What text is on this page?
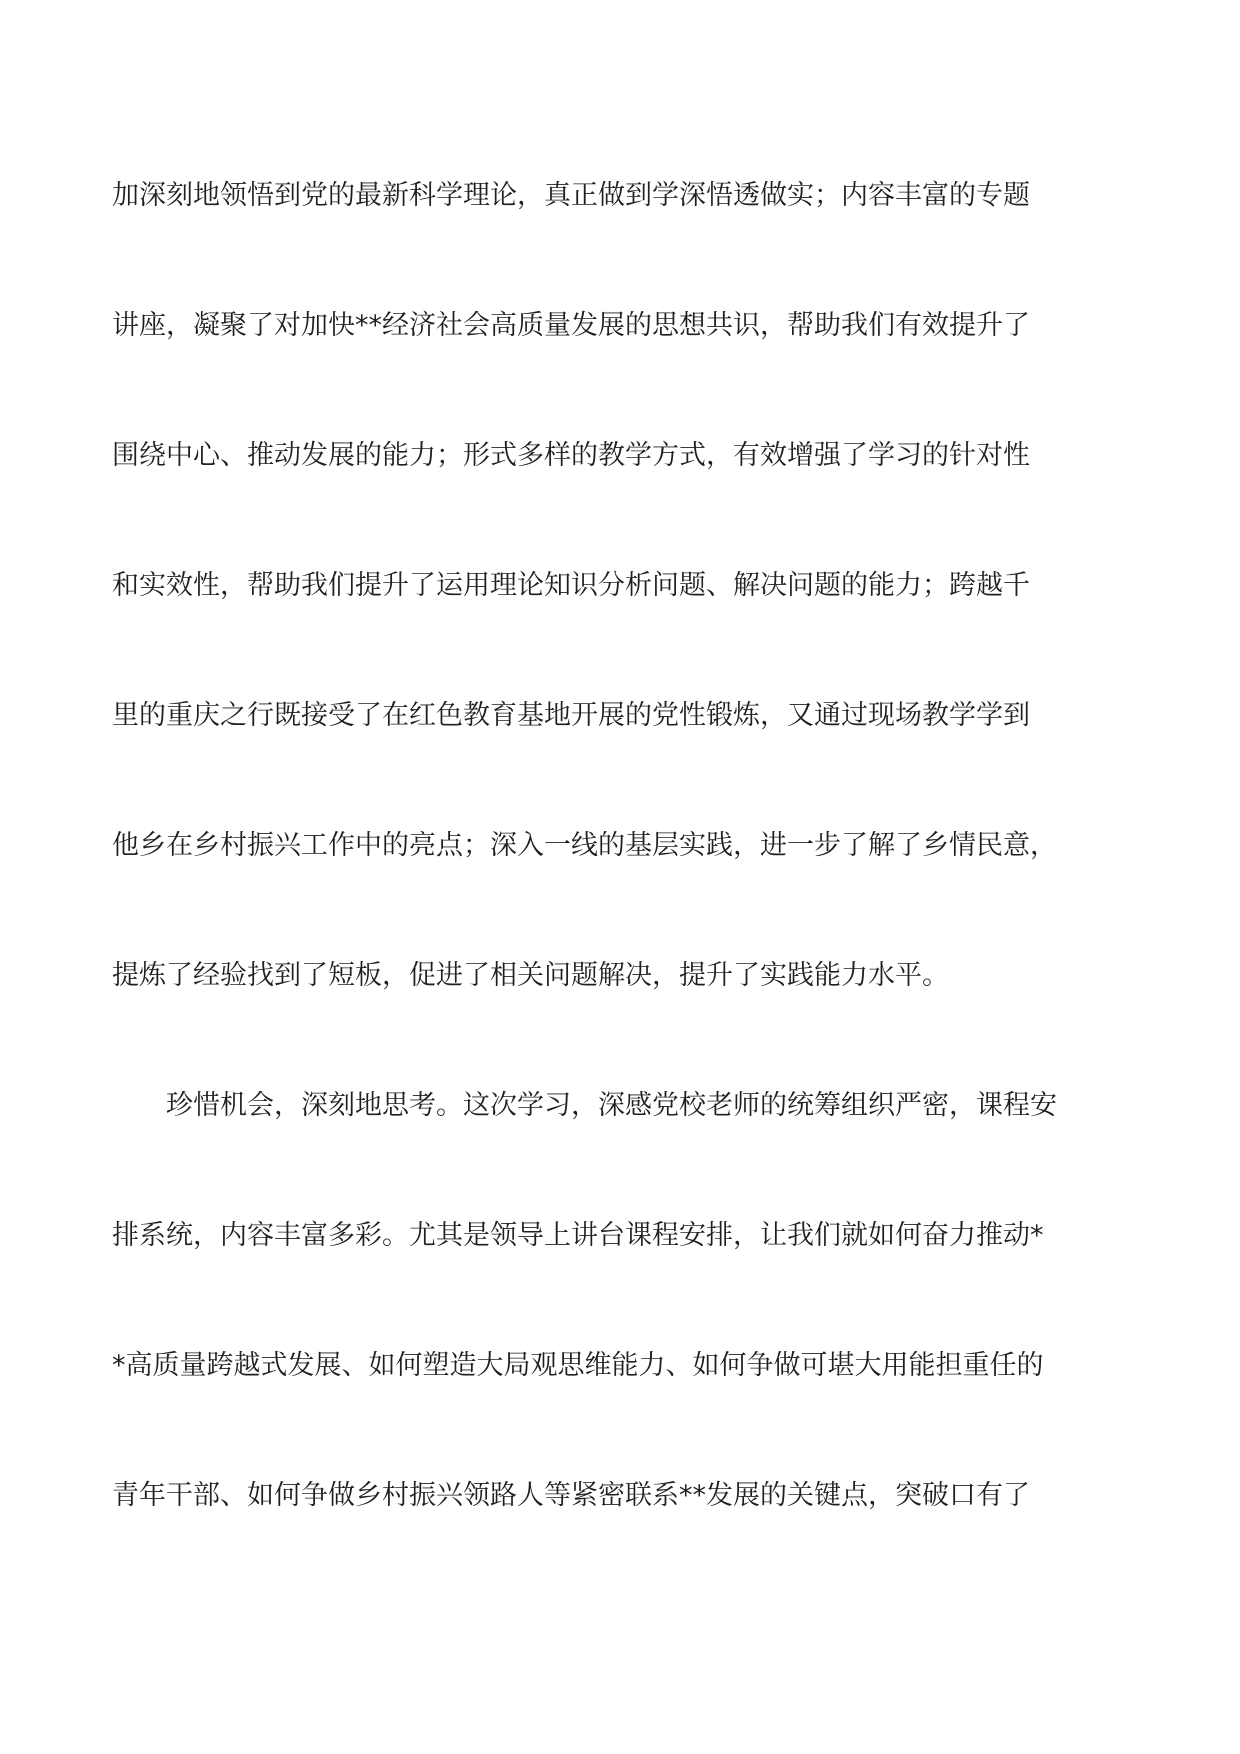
加深刻地领悟到党的最新科学理论，真正做到学深悟透做实；内容丰富的专题
讲座，凝聚了对加快**经济社会高质量发展的思想共识，帮助我们有效提升了
围绕中心、推动发展的能力；形式多样的教学方式，有效增强了学习的针对性
和实效性，帮助我们提升了运用理论知识分析问题、解决问题的能力；跨越千
里的重庆之行既接受了在红色教育基地开展的党性锻炼，又通过现场教学学到
他乡在乡村振兴工作中的亮点；深入一线的基层实践，进一步了解了乡情民意，
提炼了经验找到了短板，促进了相关问题解决，提升了实践能力水平。
珍惜机会，深刻地思考。这次学习，深感党校老师的统筹组织严密，课程安
排系统，内容丰富多彩。尤其是领导上讲台课程安排，让我们就如何奋力推动*
*高质量跨越式发展、如何塑造大局观思维能力、如何争做可堪大用能担重任的
青年干部、如何争做乡村振兴领路人等紧密联系**发展的关键点，突破口有了
